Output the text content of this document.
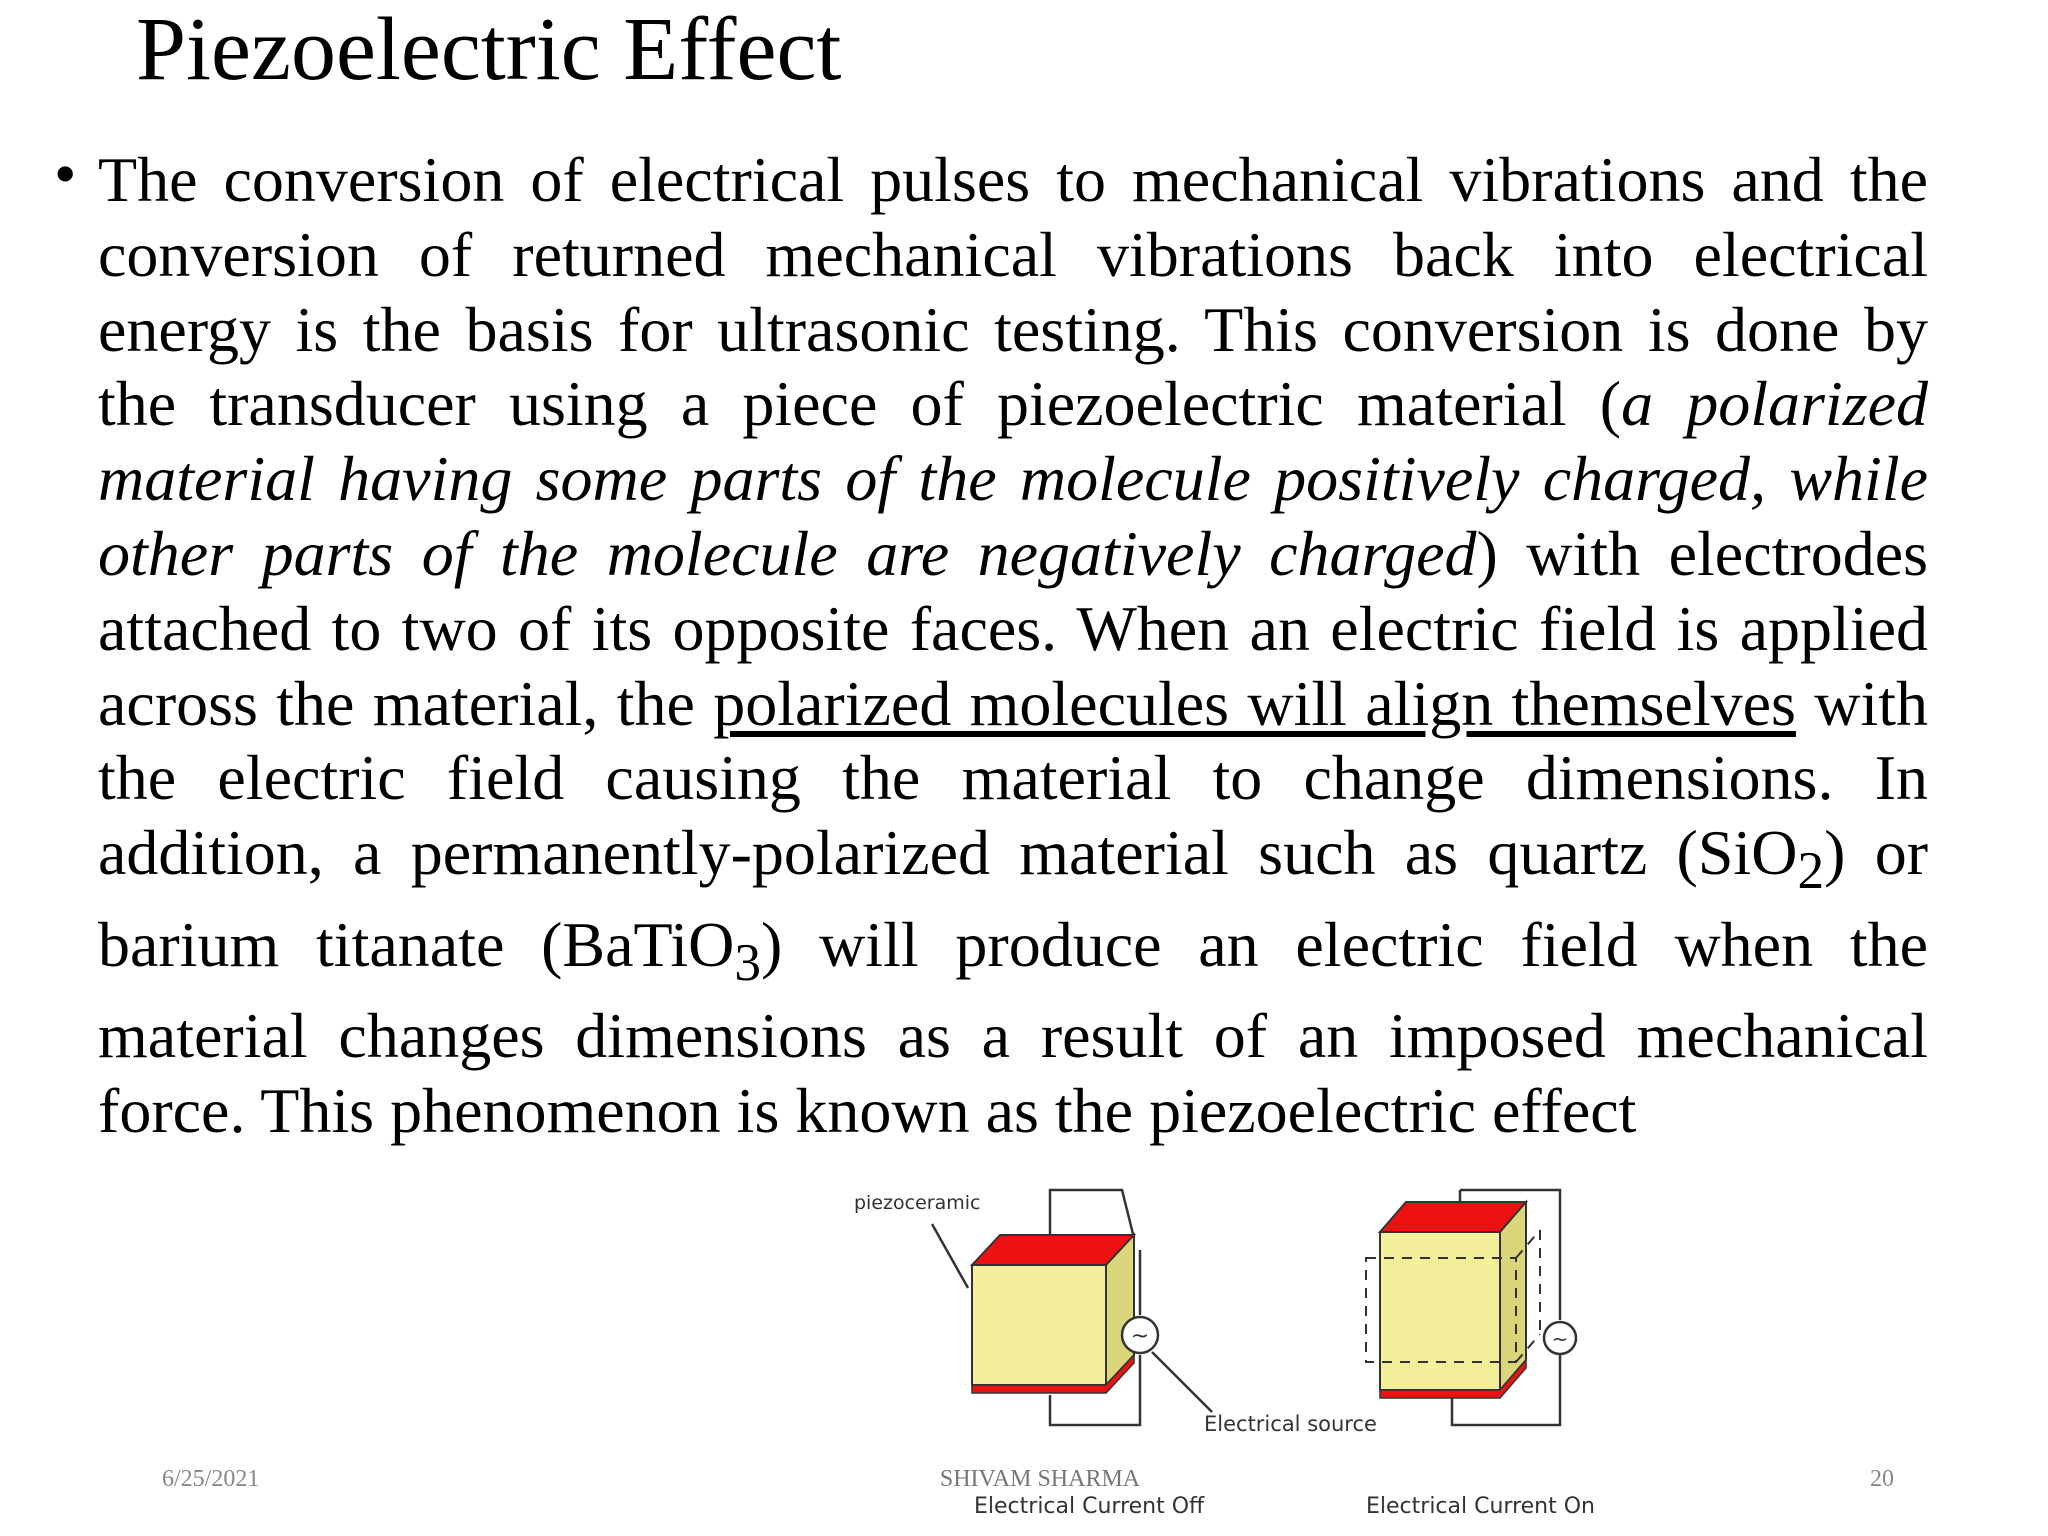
Piezoelectric Effect
• The conversion of electrical pulses to mechanical vibrations and the conversion of returned mechanical vibrations back into electrical energy is the basis for ultrasonic testing. This conversion is done by the transducer using a piece of piezoelectric material (a polarized material having some parts of the molecule positively charged, while other parts of the molecule are negatively charged) with electrodes attached to two of its opposite faces. When an electric field is applied across the material, the polarized molecules will align themselves with the electric field causing the material to change dimensions. In addition, a permanently-polarized material such as quartz (SiO$_2$) or barium titanate (BaTiO$_3$) will produce an electric field when the material changes dimensions as a result of an imposed mechanical force. This phenomenon is known as the piezoelectric effect

~	~
piezoceramic
Electrical source
Electrical Current Off	Electrical Current On
6/25/2021	SHIVAM SHARMA	20
